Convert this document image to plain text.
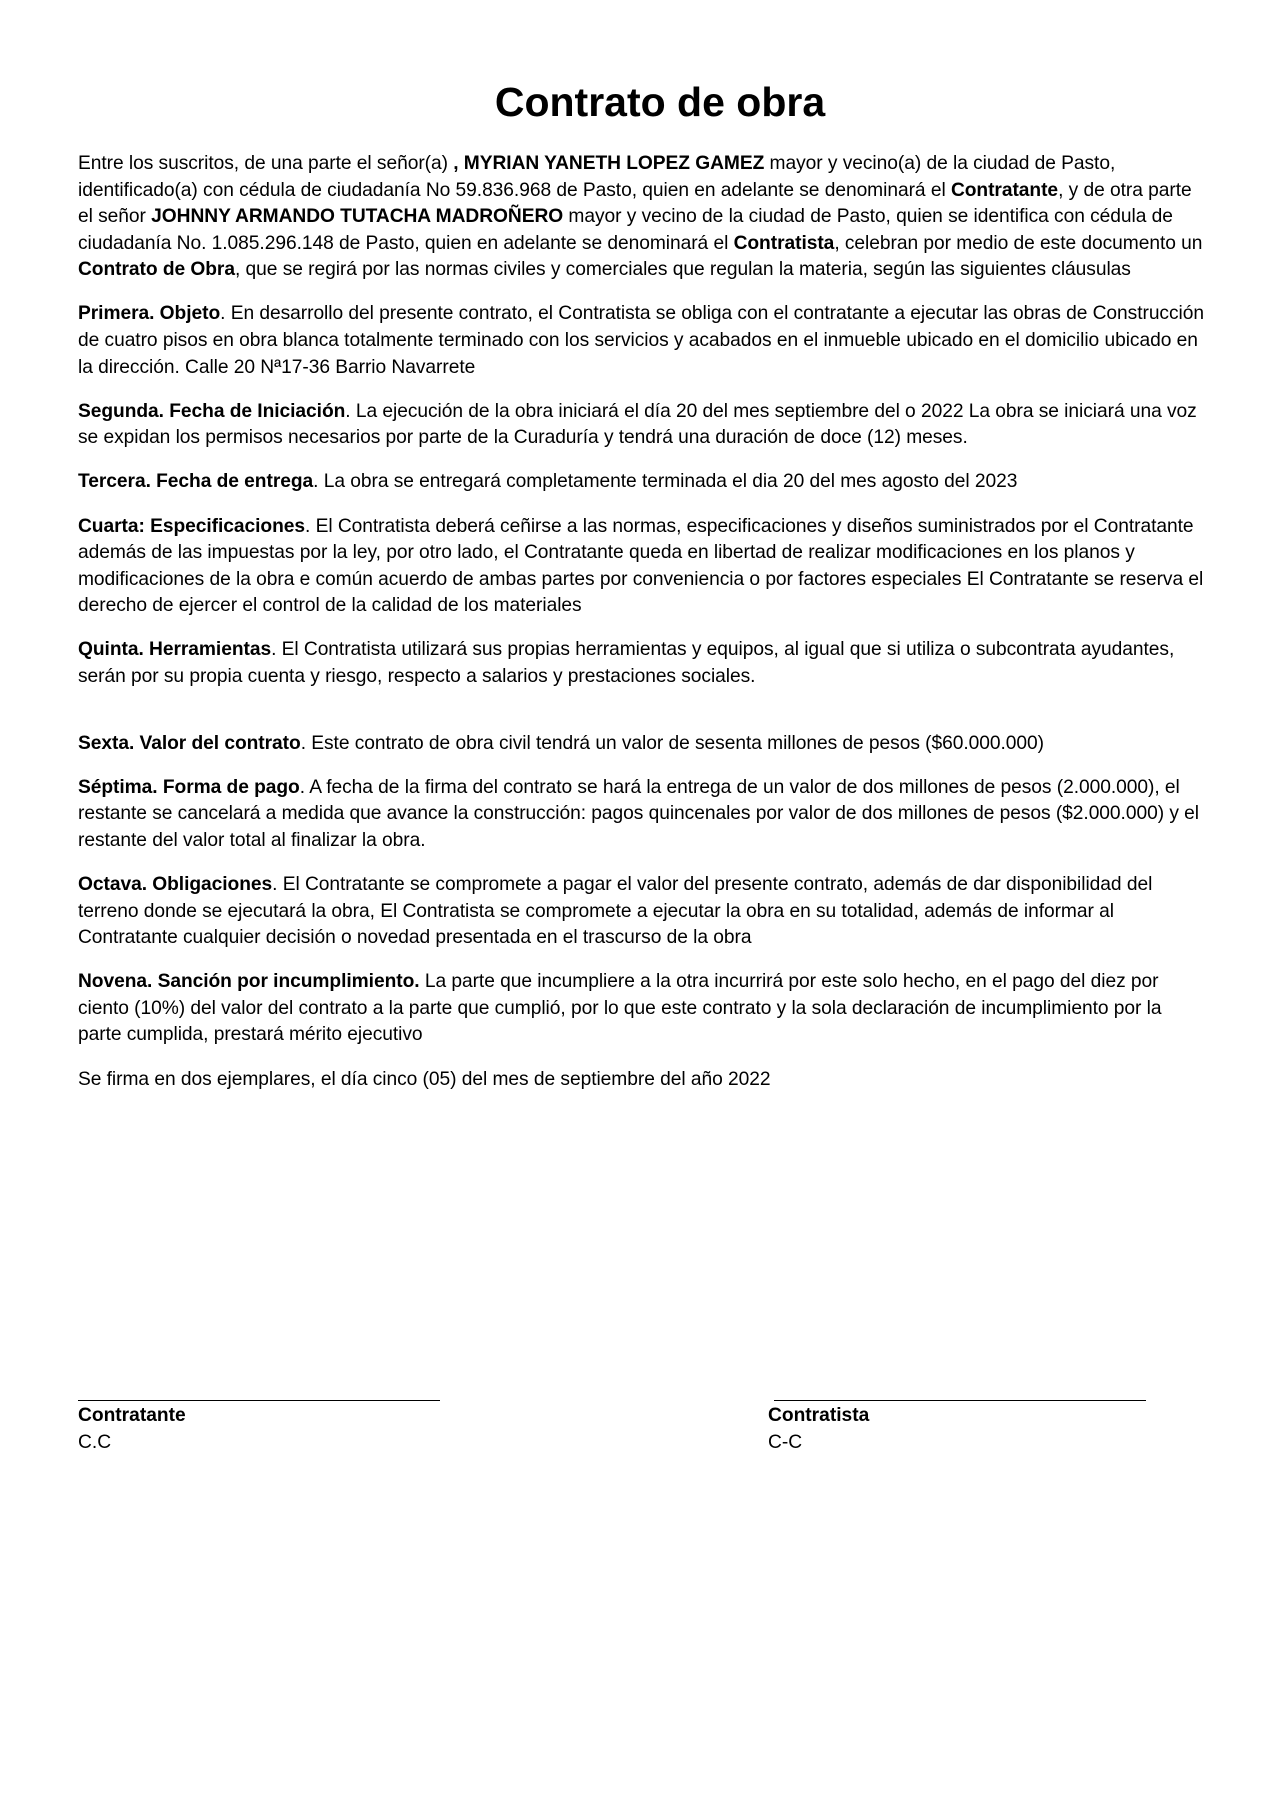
Contrato de obra

Entre los suscritos, de una parte el señor(a) , MYRIAN YANETH LOPEZ GAMEZ mayor y vecino(a) de la ciudad de Pasto, identificado(a) con cédula de ciudadanía No 59.836.968 de Pasto, quien en adelante se denominará el Contratante, y de otra parte el señor JOHNNY ARMANDO TUTACHA MADROÑERO mayor y vecino de la ciudad de Pasto, quien se identifica con cédula de ciudadanía No. 1.085.296.148 de Pasto, quien en adelante se denominará el Contratista, celebran por medio de este documento un Contrato de Obra, que se regirá por las normas civiles y comerciales que regulan la materia, según las siguientes cláusulas

Primera. Objeto. En desarrollo del presente contrato, el Contratista se obliga con el contratante a ejecutar las obras de Construcción de cuatro pisos en obra blanca totalmente terminado con los servicios y acabados en el inmueble ubicado en el domicilio ubicado en la dirección. Calle 20 Nª17-36 Barrio Navarrete

Segunda. Fecha de Iniciación. La ejecución de la obra iniciará el día 20 del mes septiembre del o 2022 La obra se iniciará una voz se expidan los permisos necesarios por parte de la Curaduría y tendrá una duración de doce (12) meses.

Tercera. Fecha de entrega. La obra se entregará completamente terminada el dia 20 del mes agosto del 2023

Cuarta: Especificaciones. El Contratista deberá ceñirse a las normas, especificaciones y diseños suministrados por el Contratante además de las impuestas por la ley, por otro lado, el Contratante queda en libertad de realizar modificaciones en los planos y modificaciones de la obra e común acuerdo de ambas partes por conveniencia o por factores especiales El Contratante se reserva el derecho de ejercer el control de la calidad de los materiales

Quinta. Herramientas. El Contratista utilizará sus propias herramientas y equipos, al igual que si utiliza o subcontrata ayudantes, serán por su propia cuenta y riesgo, respecto a salarios y prestaciones sociales.

Sexta. Valor del contrato. Este contrato de obra civil tendrá un valor de sesenta millones de pesos ($60.000.000)

Séptima. Forma de pago. A fecha de la firma del contrato se hará la entrega de un valor de dos millones de pesos (2.000.000), el restante se cancelará a medida que avance la construcción: pagos quincenales por valor de dos millones de pesos ($2.000.000) y el restante del valor total al finalizar la obra.

Octava. Obligaciones. El Contratante se compromete a pagar el valor del presente contrato, además de dar disponibilidad del terreno donde se ejecutará la obra, El Contratista se compromete a ejecutar la obra en su totalidad, además de informar al Contratante cualquier decisión o novedad presentada en el trascurso de la obra

Novena. Sanción por incumplimiento. La parte que incumpliere a la otra incurrirá por este solo hecho, en el pago del diez por ciento (10%) del valor del contrato a la parte que cumplió, por lo que este contrato y la sola declaración de incumplimiento por la parte cumplida, prestará mérito ejecutivo

Se firma en dos ejemplares, el día cinco (05) del mes de septiembre del año 2022

Contratante
C.C
Contratista
C-C
